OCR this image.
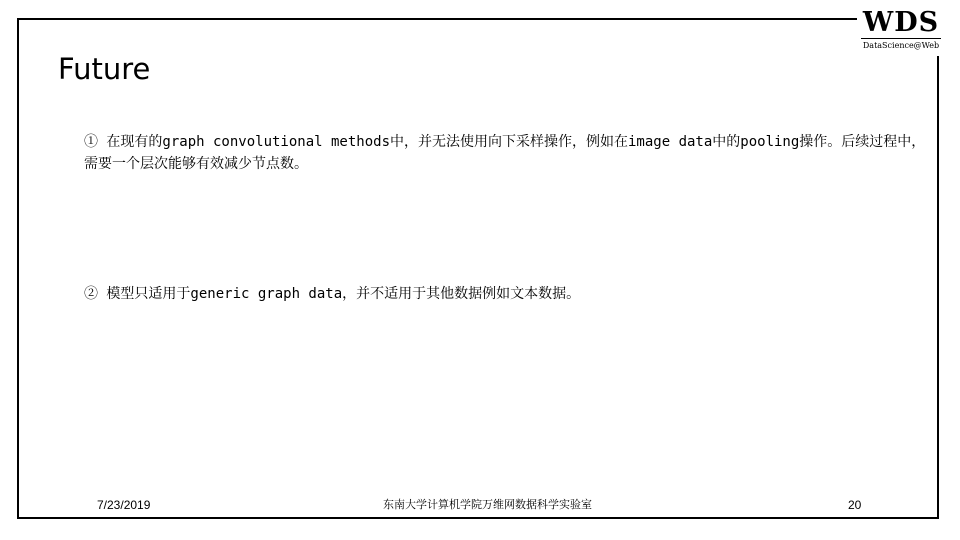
WDS
DataScience@Web
Future

① 在现有的graph convolutional methods中，并无法使用向下采样操作，例如在image data中的pooling操作。后续过程中，需要一个层次能够有效减少节点数。

② 模型只适用于generic graph data，并不适用于其他数据例如文本数据。

7/23/2019	东南大学计算机学院万维网数据科学实验室	20
